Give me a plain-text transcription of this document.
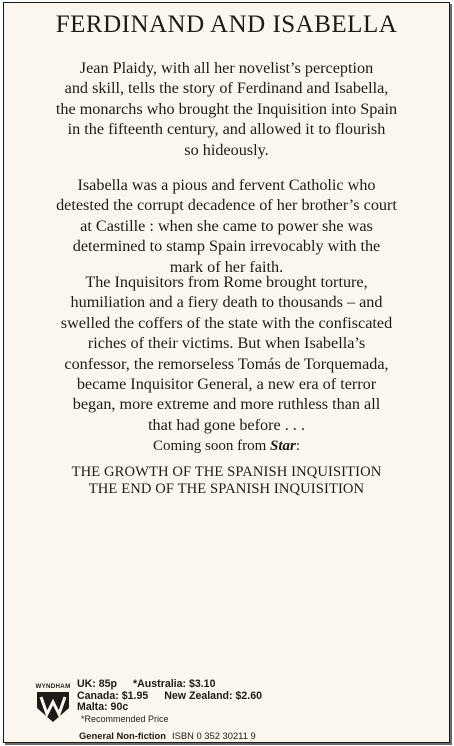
FERDINAND AND ISABELLA

Jean Plaidy, with all her novelist’s perception
and skill, tells the story of Ferdinand and Isabella,
the monarchs who brought the Inquisition into Spain
in the fifteenth century, and allowed it to flourish
so hideously.

Isabella was a pious and fervent Catholic who
detested the corrupt decadence of her brother’s court
at Castille : when she came to power she was
determined to stamp Spain irrevocably with the
mark of her faith.

The Inquisitors from Rome brought torture,
humiliation and a fiery death to thousands – and
swelled the coffers of the state with the confiscated
riches of their victims. But when Isabella’s
confessor, the remorseless Tomás de Torquemada,
became Inquisitor General, a new era of terror
began, more extreme and more ruthless than all
that had gone before . . .

Coming soon from Star:
THE GROWTH OF THE SPANISH INQUISITION
THE END OF THE SPANISH INQUISITION
WYNDHAM UK: 85p *Australia: $3.10
Canada: $1.95 New Zealand: $2.60
Malta: 90c
*Recommended Price
General Non-fiction ISBN 0 352 30211 9
